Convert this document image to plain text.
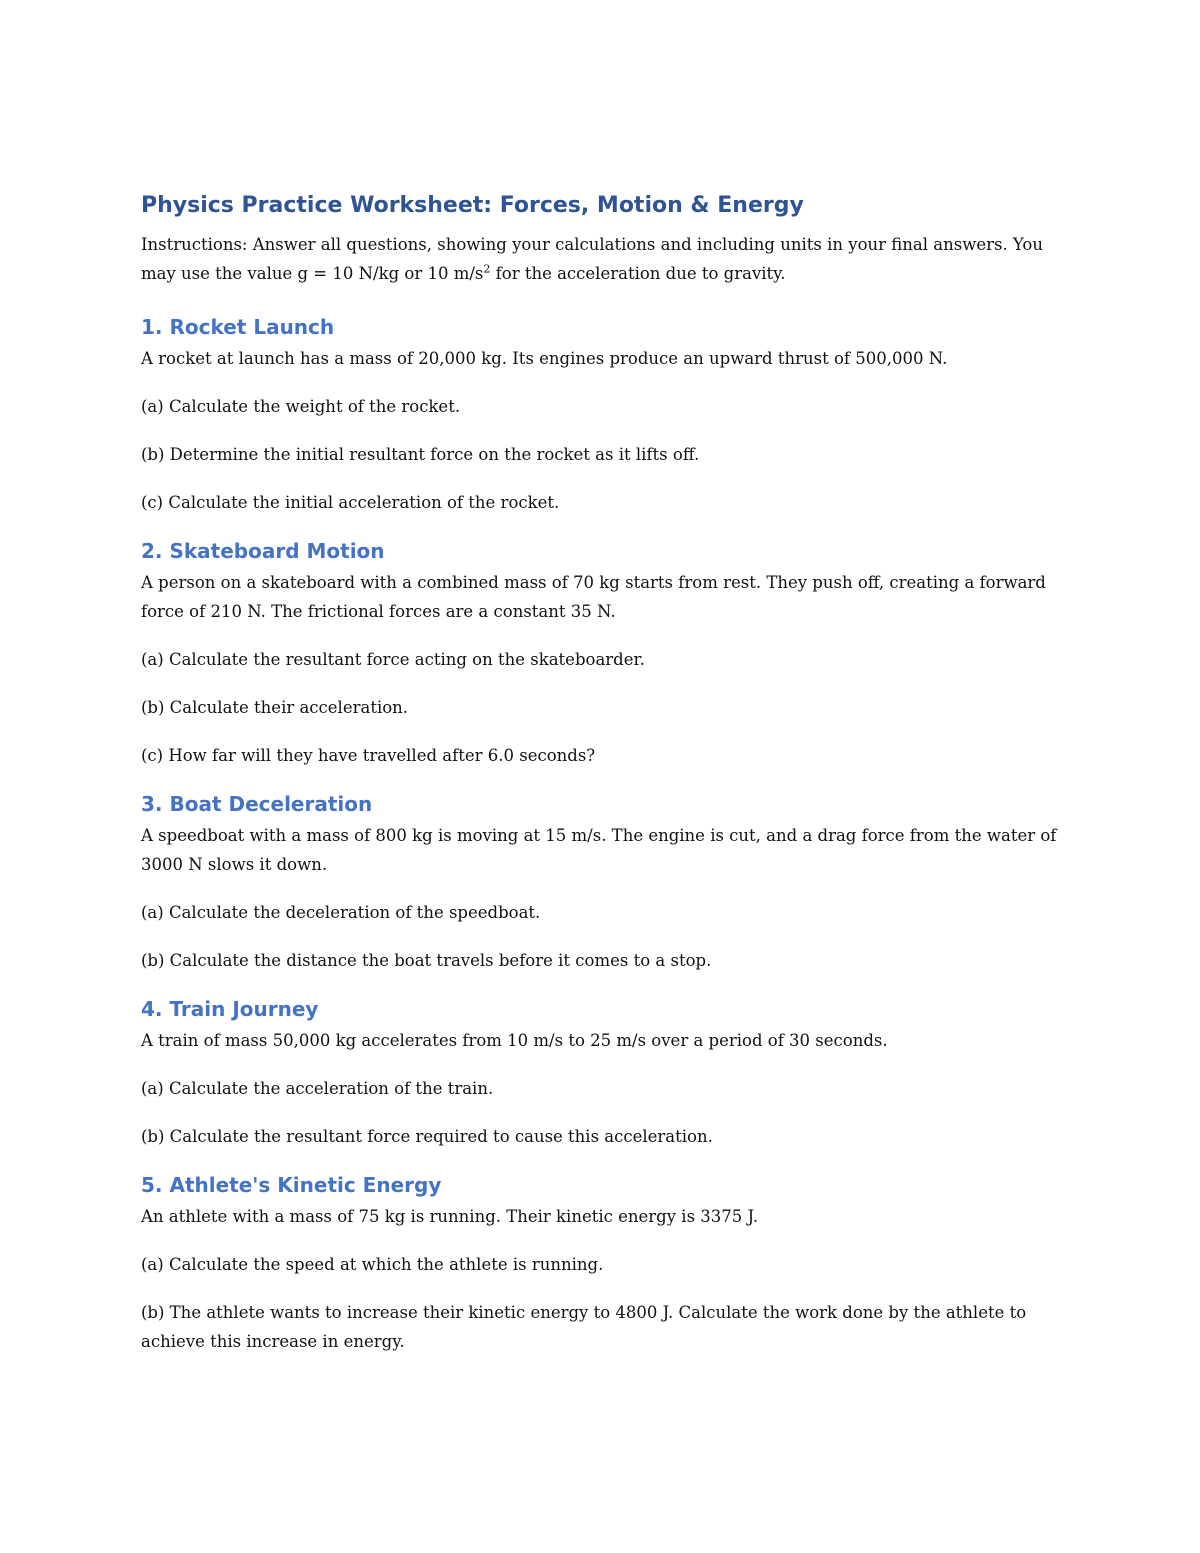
Physics Practice Worksheet: Forces, Motion & Energy

Instructions: Answer all questions, showing your calculations and including units in your final answers. You may use the value g = 10 N/kg or 10 $m/s^2$ for the acceleration due to gravity.

1. Rocket Launch

A rocket at launch has a mass of 20,000 kg. Its engines produce an upward thrust of 500,000 N.

(a) Calculate the weight of the rocket.

(b) Determine the initial resultant force on the rocket as it lifts off.

(c) Calculate the initial acceleration of the rocket.

2. Skateboard Motion

A person on a skateboard with a combined mass of 70 kg starts from rest. They push off, creating a forward force of 210 N. The frictional forces are a constant 35 N.

(a) Calculate the resultant force acting on the skateboarder.

(b) Calculate their acceleration.

(c) How far will they have travelled after 6.0 seconds?

3. Boat Deceleration

A speedboat with a mass of 800 kg is moving at 15 m/s. The engine is cut, and a drag force from the water of 3000 N slows it down.

(a) Calculate the deceleration of the speedboat.

(b) Calculate the distance the boat travels before it comes to a stop.

4. Train Journey

A train of mass 50,000 kg accelerates from 10 m/s to 25 m/s over a period of 30 seconds.

(a) Calculate the acceleration of the train.

(b) Calculate the resultant force required to cause this acceleration.

5. Athlete's Kinetic Energy

An athlete with a mass of 75 kg is running. Their kinetic energy is 3375 J.

(a) Calculate the speed at which the athlete is running.

(b) The athlete wants to increase their kinetic energy to 4800 J. Calculate the work done by the athlete to achieve this increase in energy.
